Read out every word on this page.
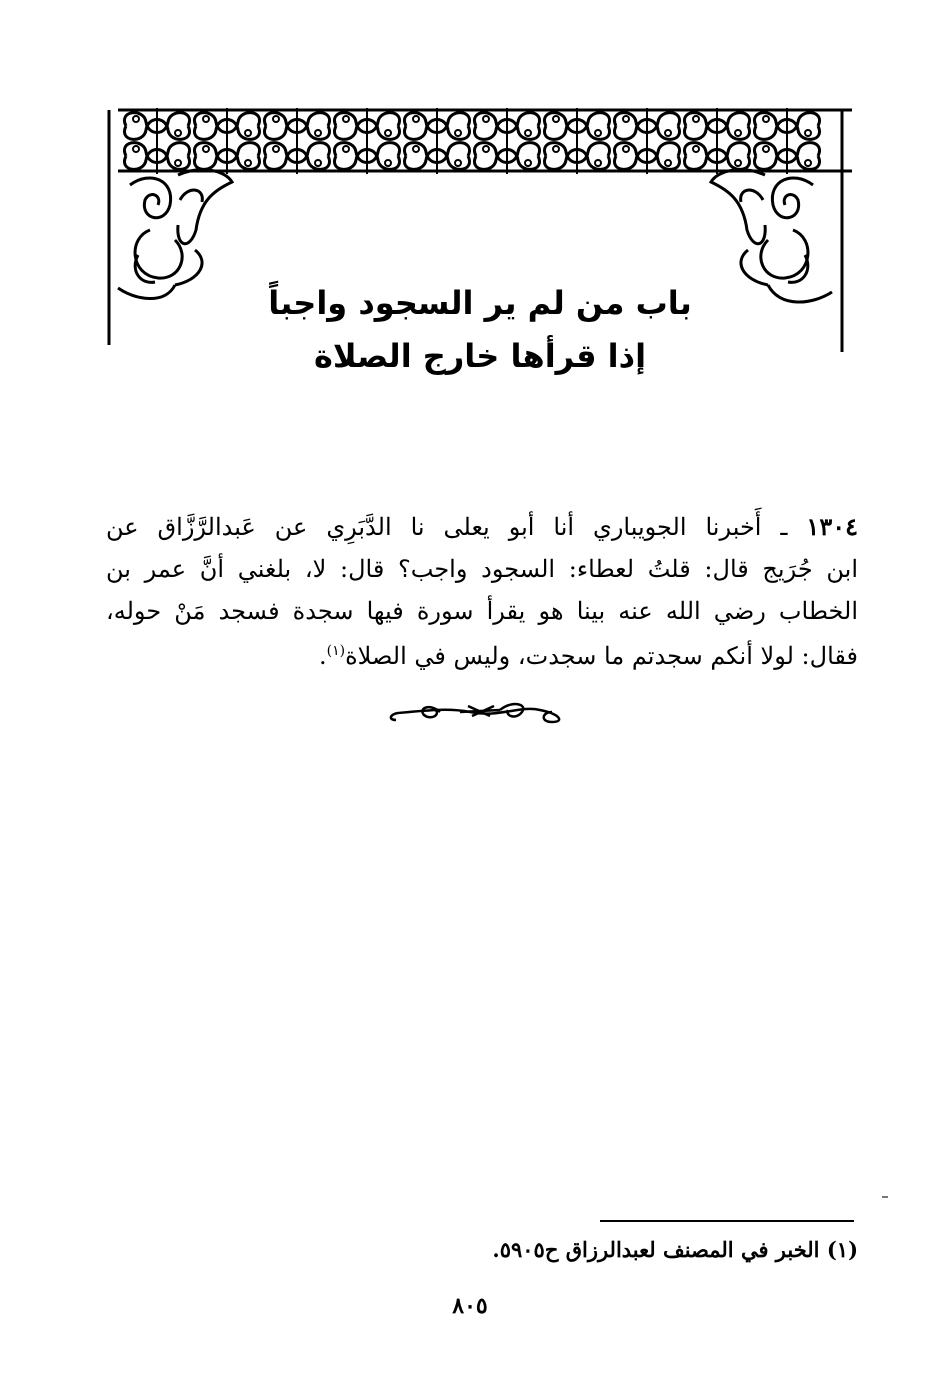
باب من لم ير السجود واجباً
إذا قرأها خارج الصلاة

١٣٠٤ ـ أَخبرنا الجويباري أنا أبو يعلى نا الدَّبَرِي عن عَبدالرَّزَّاق عن

ابن جُرَيج قال: قلتُ لعطاء: السجود واجب؟ قال: لا، بلغني أنَّ عمر بن

الخطاب رضي الله عنه بينا هو يقرأ سورة فيها سجدة فسجد مَنْ حوله،

فقال: لولا أنكم سجدتم ما سجدت، وليس في الصلاة$^{(١)}$.

(١) الخبر في المصنف لعبدالرزاق ح٥٩٠٥.
٨٠٥
